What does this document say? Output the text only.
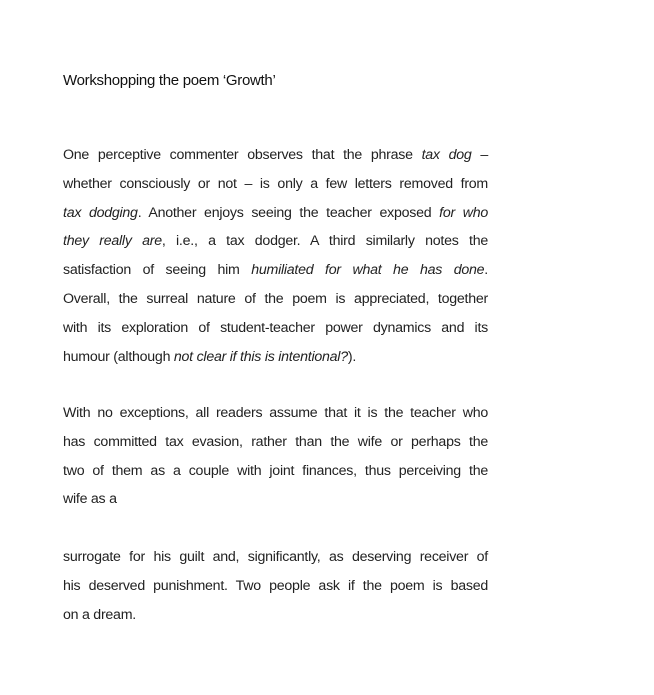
Workshopping the poem ‘Growth’

One perceptive commenter observes that the phrase tax dog –
whether consciously or not – is only a few letters removed from
tax dodging. Another enjoys seeing the teacher exposed for who
they really are, i.e., a tax dodger. A third similarly notes the
satisfaction of seeing him humiliated for what he has done.
Overall, the surreal nature of the poem is appreciated, together
with its exploration of student-teacher power dynamics and its
humour (although not clear if this is intentional?).

With no exceptions, all readers assume that it is the teacher who
has committed tax evasion, rather than the wife or perhaps the
two of them as a couple with joint finances, thus perceiving the
wife as a

surrogate for his guilt and, significantly, as deserving receiver of
his deserved punishment. Two people ask if the poem is based
on a dream.
